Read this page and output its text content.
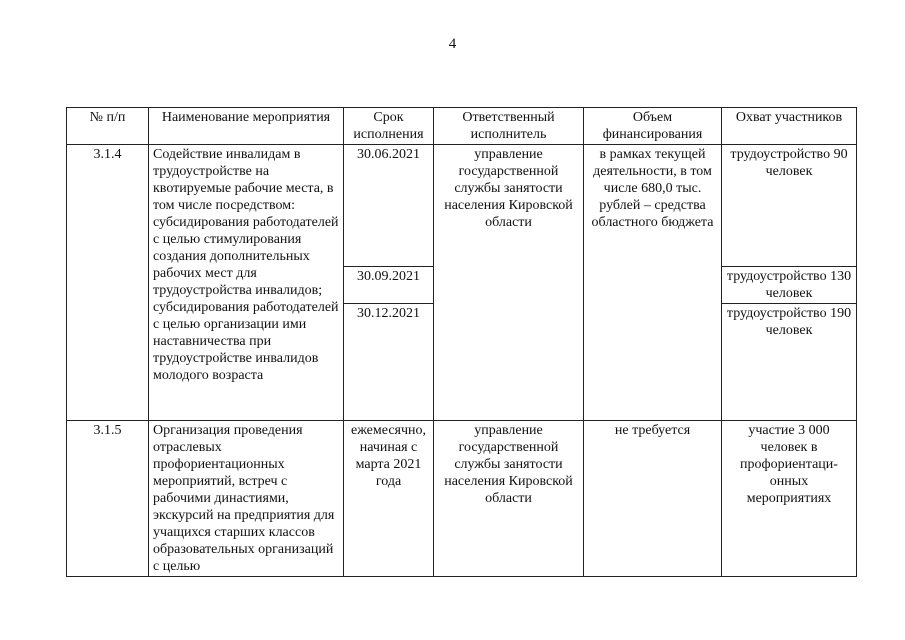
4
№ п/п	Наименование мероприятия	Срок исполнения	Ответственный исполнитель	Объем финансирования	Охват участников
3.1.4	Содействие инвалидам в трудоустройстве на квотируемые рабочие места, в том числе посредством: субсидирования работодателей с целью стимулирования создания дополнительных рабочих мест для трудоустройства инвалидов; субсидирования работодателей с целью организации ими наставничества при трудоустройстве инвалидов молодого возраста	30.06.2021	управление государственной службы занятости населения Кировской области	в рамках текущей деятельности, в том числе 680,0 тыс. рублей – средства областного бюджета	трудоустройство 90 человек
		30.09.2021			трудоустройство 130 человек
		30.12.2021			трудоустройство 190 человек
3.1.5	Организация проведения отраслевых профориентационных мероприятий, встреч с рабочими династиями, экскурсий на предприятия для учащихся старших классов образовательных организаций с целью	ежемесячно, начиная с марта 2021 года	управление государственной службы занятости населения Кировской области	не требуется	участие 3 000 человек в профориентаци-онных мероприятиях
